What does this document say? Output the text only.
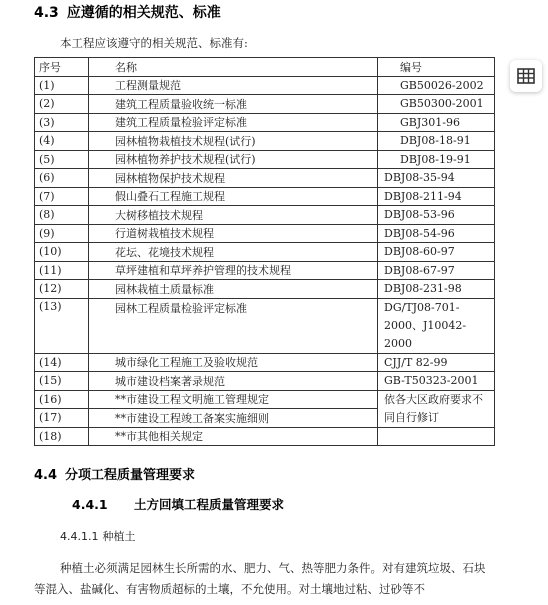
4.3 应遵循的相关规范、标准
本工程应该遵守的相关规范、标准有:
序号	名称	编号
(1)	工程测量规范	GB50026-2002
(2)	建筑工程质量验收统一标准	GB50300-2001
(3)	建筑工程质量检验评定标准	GBJ301-96
(4)	园林植物栽植技术规程(试行)	DBJ08-18-91
(5)	园林植物养护技术规程(试行)	DBJ08-19-91
(6)	园林植物保护技术规程	DBJ08-35-94
(7)	假山叠石工程施工规程	DBJ08-211-94
(8)	大树移植技术规程	DBJ08-53-96
(9)	行道树栽植技术规程	DBJ08-54-96
(10)	花坛、花境技术规程	DBJ08-60-97
(11)	草坪建植和草坪养护管理的技术规程	DBJ08-67-97
(12)	园林栽植土质量标准	DBJ08-231-98
(13)	园林工程质量检验评定标准	DG/TJ08-701-2000、J10042-2000
(14)	城市绿化工程施工及验收规范	CJJ/T 82-99
(15)	城市建设档案著录规范	GB-T50323-2001
(16)	**市建设工程文明施工管理规定	依各大区政府要求不同自行修订
(17)	**市建设工程竣工备案实施细则	
(18)	**市其他相关规定	
4.4 分项工程质量管理要求
4.4.1 土方回填工程质量管理要求
4.4.1.1 种植土

种植土必须满足园林生长所需的水、肥力、气、热等肥力条件。对有建筑垃圾、石块等混入、盐碱化、有害物质超标的土壤，不允使用。对土壤地过粘、过砂等不
